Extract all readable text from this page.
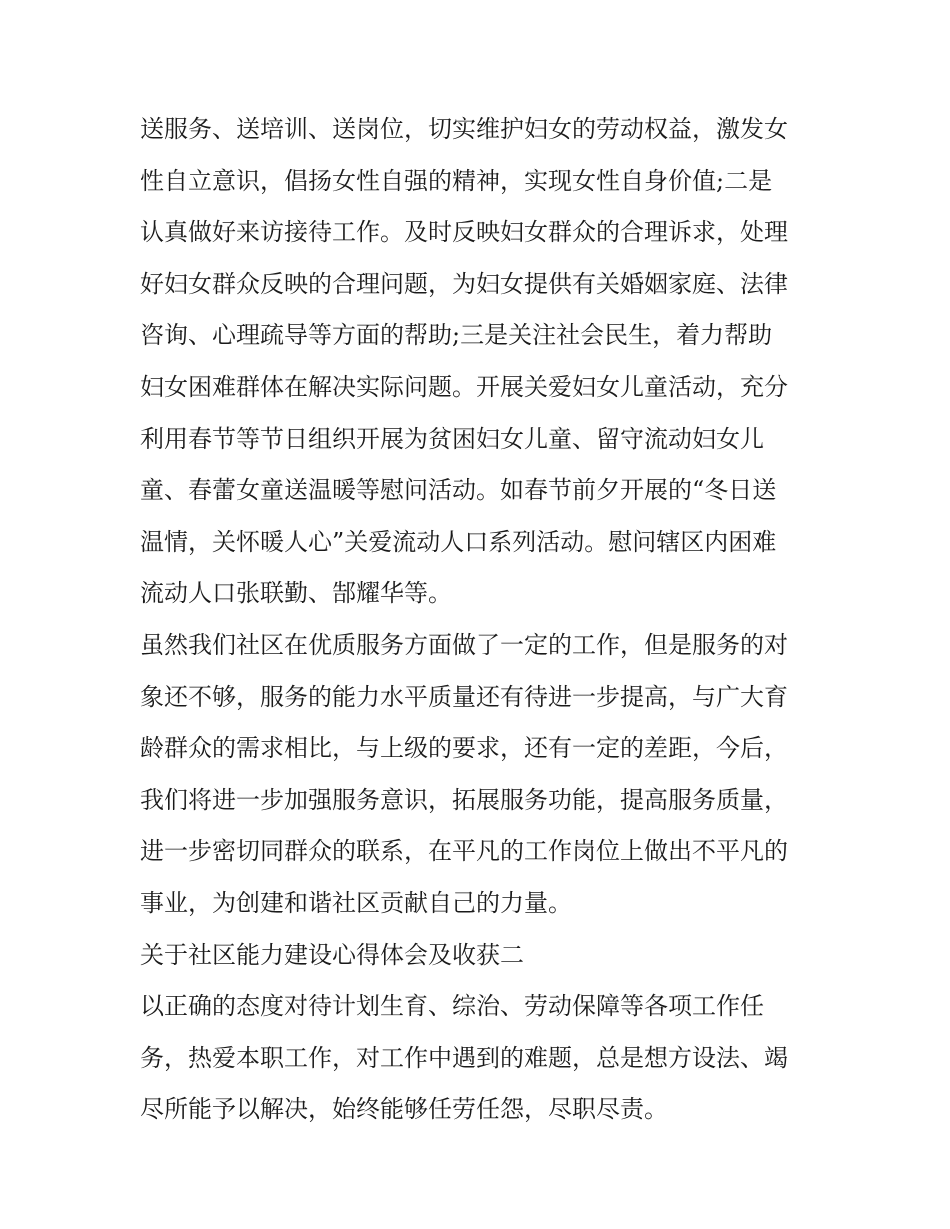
送服务、送培训、送岗位，切实维护妇女的劳动权益，激发女
性自立意识，倡扬女性自强的精神，实现女性自身价值;二是
认真做好来访接待工作。及时反映妇女群众的合理诉求，处理
好妇女群众反映的合理问题，为妇女提供有关婚姻家庭、法律
咨询、心理疏导等方面的帮助;三是关注社会民生，着力帮助
妇女困难群体在解决实际问题。开展关爱妇女儿童活动，充分
利用春节等节日组织开展为贫困妇女儿童、留守流动妇女儿
童、春蕾女童送温暖等慰问活动。如春节前夕开展的“冬日送
温情，关怀暖人心”关爱流动人口系列活动。慰问辖区内困难
流动人口张联勤、郜耀华等。
虽然我们社区在优质服务方面做了一定的工作，但是服务的对
象还不够，服务的能力水平质量还有待进一步提高，与广大育
龄群众的需求相比，与上级的要求，还有一定的差距，今后，
我们将进一步加强服务意识，拓展服务功能，提高服务质量，
进一步密切同群众的联系，在平凡的工作岗位上做出不平凡的
事业，为创建和谐社区贡献自己的力量。
关于社区能力建设心得体会及收获二
以正确的态度对待计划生育、综治、劳动保障等各项工作任
务，热爱本职工作，对工作中遇到的难题，总是想方设法、竭
尽所能予以解决，始终能够任劳任怨，尽职尽责。
